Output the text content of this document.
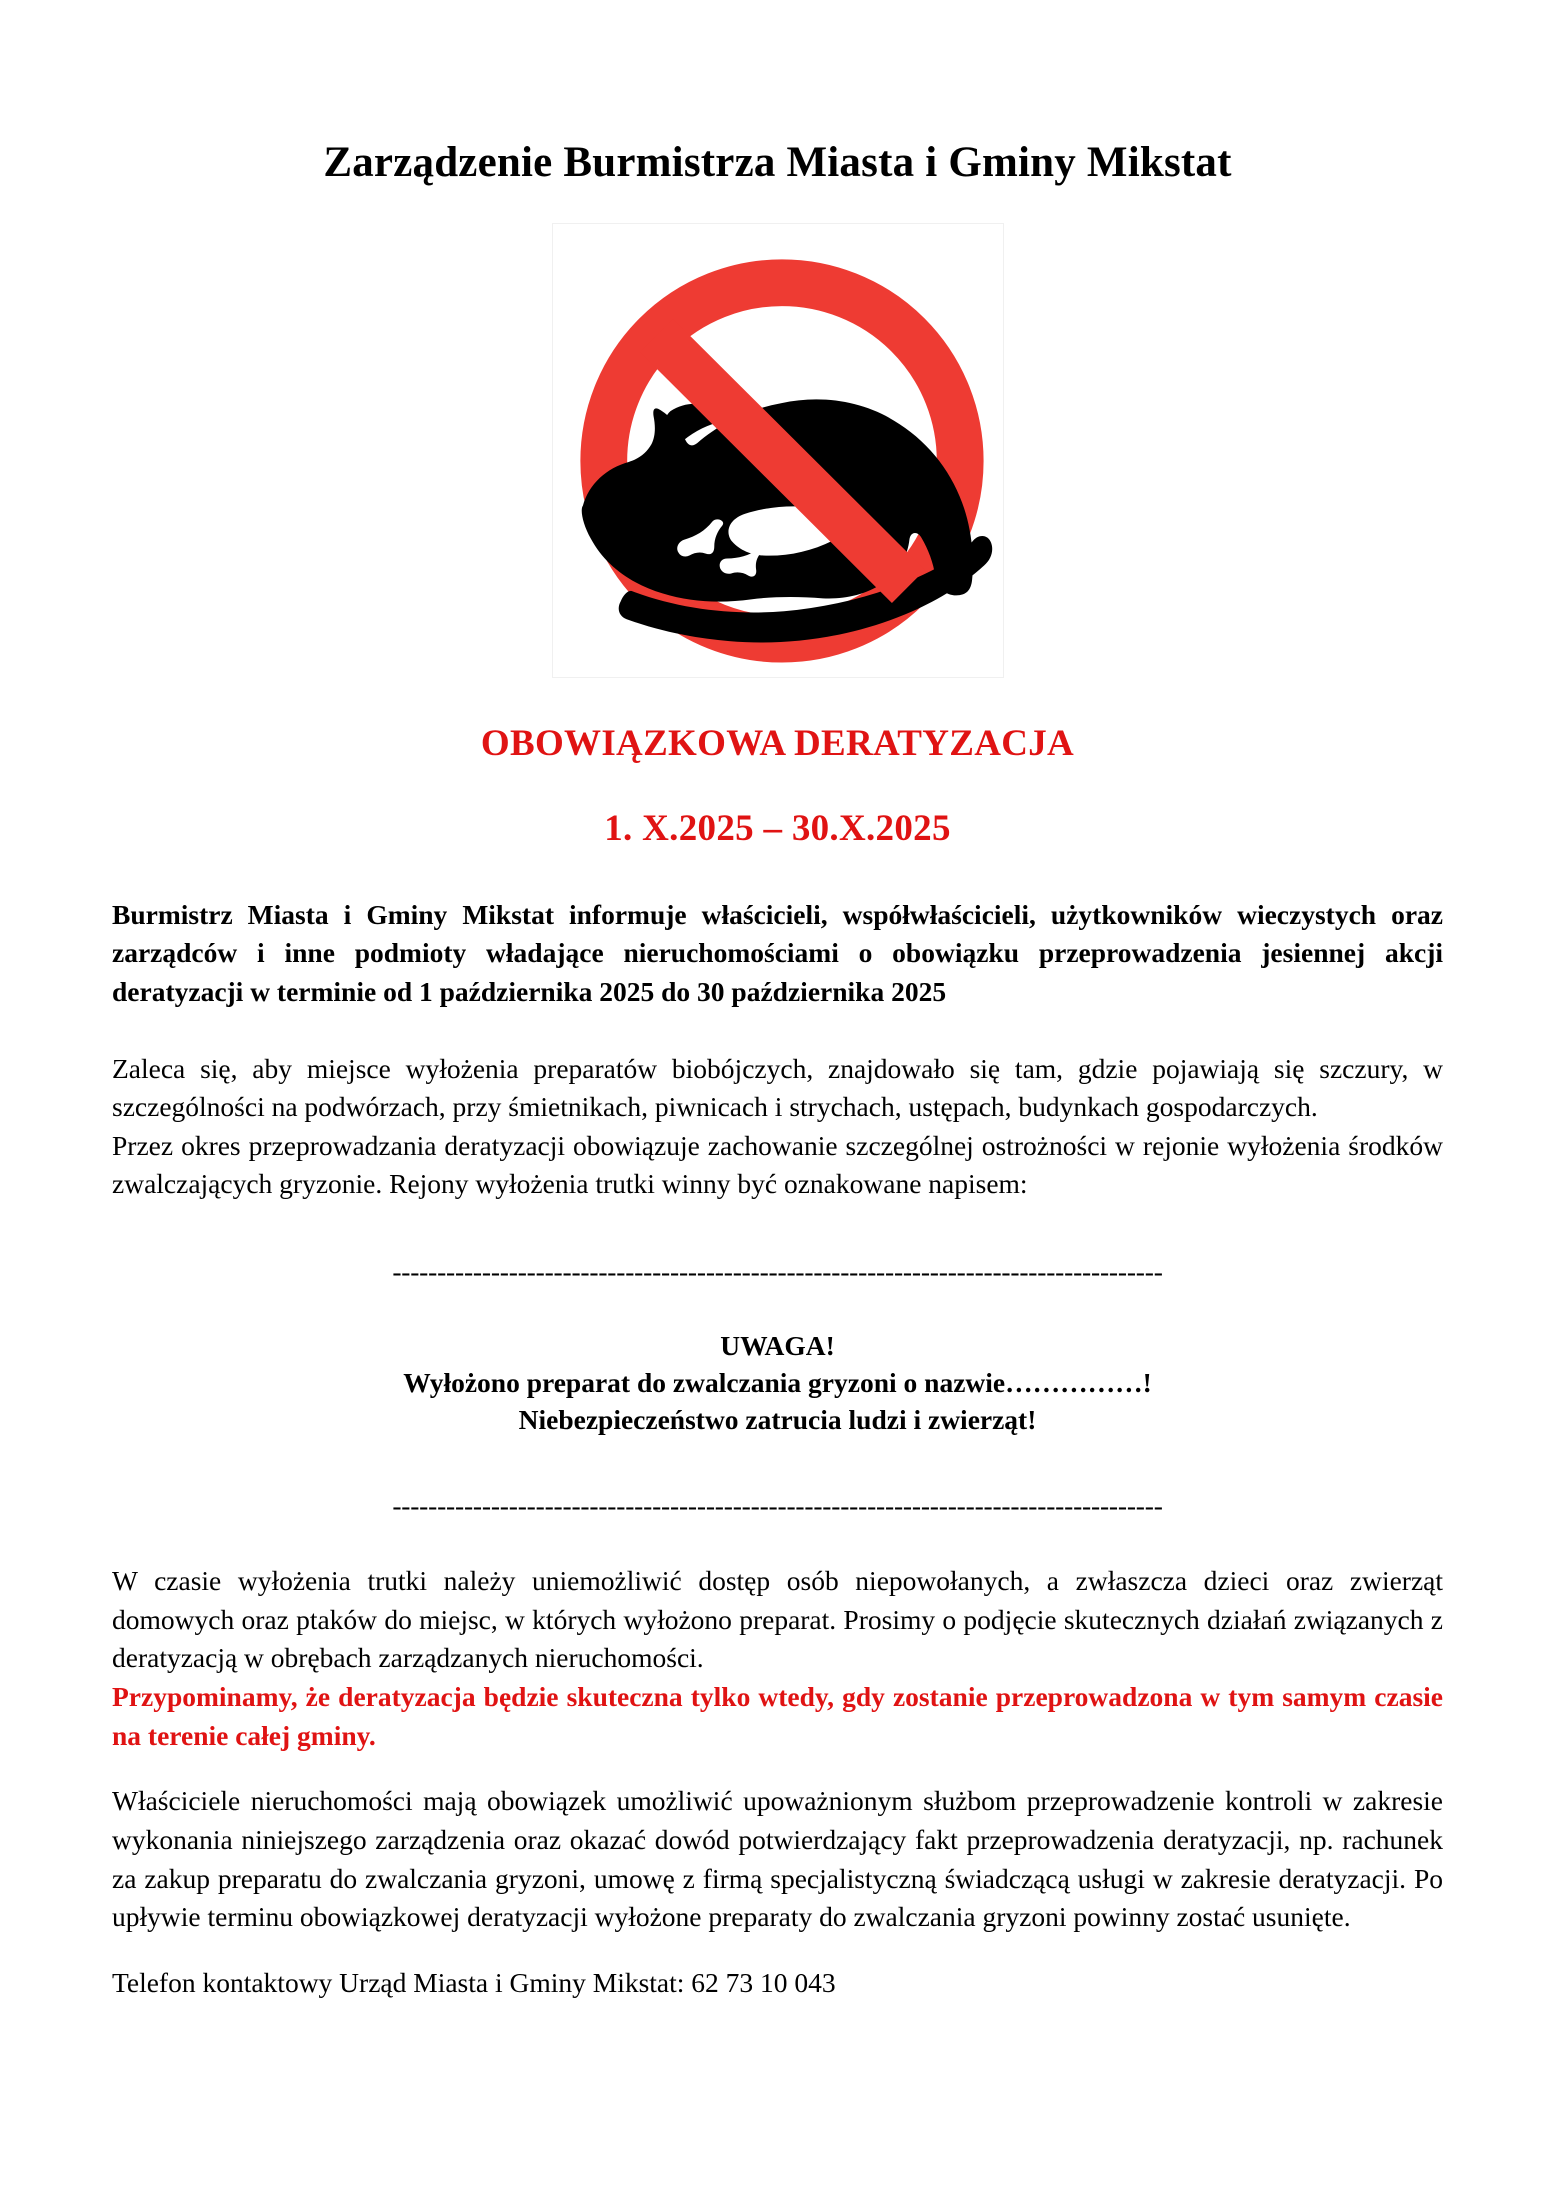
Zarządzenie Burmistrza Miasta i Gminy Mikstat
OBOWIĄZKOWA DERATYZACJA
1. X.2025 – 30.X.2025

Burmistrz Miasta i Gminy Mikstat informuje właścicieli, współwłaścicieli, użytkowników wieczystych oraz zarządców i inne podmioty władające nieruchomościami o obowiązku przeprowadzenia jesiennej akcji deratyzacji w terminie od 1 października 2025 do 30 października 2025

Zaleca się, aby miejsce wyłożenia preparatów biobójczych, znajdowało się tam, gdzie pojawiają się szczury, w szczególności na podwórzach, przy śmietnikach, piwnicach i strychach, ustępach, budynkach gospodarczych.

Przez okres przeprowadzania deratyzacji obowiązuje zachowanie szczególnej ostrożności w rejonie wyłożenia środków zwalczających gryzonie. Rejony wyłożenia trutki winny być oznakowane napisem:

--------------------------------------------------------------------------------------

UWAGA!

Wyłożono preparat do zwalczania gryzoni o nazwie……………!

Niebezpieczeństwo zatrucia ludzi i zwierząt!

--------------------------------------------------------------------------------------

W czasie wyłożenia trutki należy uniemożliwić dostęp osób niepowołanych, a zwłaszcza dzieci oraz zwierząt domowych oraz ptaków do miejsc, w których wyłożono preparat. Prosimy o podjęcie skutecznych działań związanych z deratyzacją w obrębach zarządzanych nieruchomości.

Przypominamy, że deratyzacja będzie skuteczna tylko wtedy, gdy zostanie przeprowadzona w tym samym czasie na terenie całej gminy.

Właściciele nieruchomości mają obowiązek umożliwić upoważnionym służbom przeprowadzenie kontroli w zakresie wykonania niniejszego zarządzenia oraz okazać dowód potwierdzający fakt przeprowadzenia deratyzacji, np. rachunek za zakup preparatu do zwalczania gryzoni, umowę z firmą specjalistyczną świadczącą usługi w zakresie deratyzacji. Po upływie terminu obowiązkowej deratyzacji wyłożone preparaty do zwalczania gryzoni powinny zostać usunięte.

Telefon kontaktowy Urząd Miasta i Gminy Mikstat: 62 73 10 043
